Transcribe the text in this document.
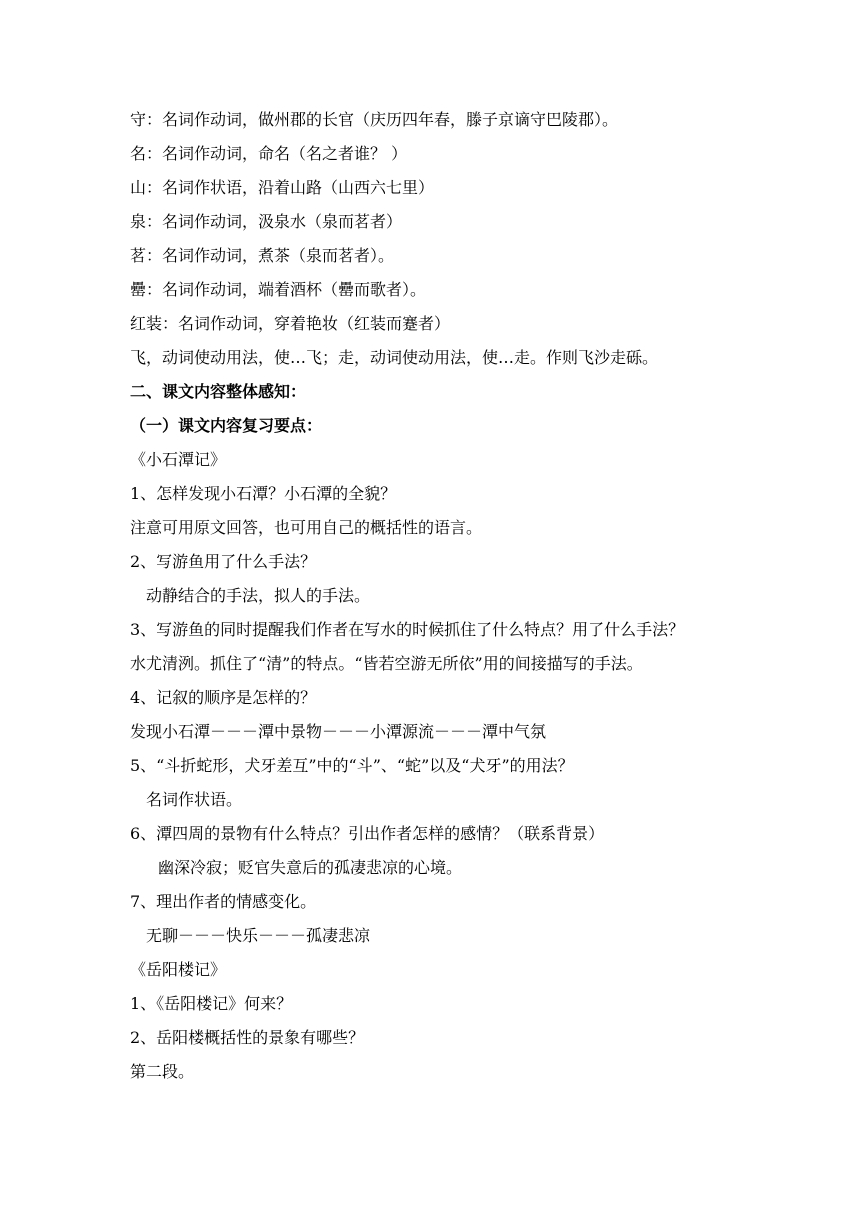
守：名词作动词，做州郡的长官（庆历四年春，滕子京谪守巴陵郡）。
名：名词作动词，命名（名之者谁？ ）
山：名词作状语，沿着山路（山西六七里）
泉：名词作动词，汲泉水（泉而茗者）
茗：名词作动词，煮茶（泉而茗者）。
罍：名词作动词，端着酒杯（罍而歌者）。
红装：名词作动词，穿着艳妆（红装而蹇者）
飞，动词使动用法，使…飞；走，动词使动用法，使…走。作则飞沙走砾。
二、课文内容整体感知：
（一）课文内容复习要点：
《小石潭记》
1、怎样发现小石潭？小石潭的全貌？
注意可用原文回答，也可用自己的概括性的语言。
2、写游鱼用了什么手法？
动静结合的手法，拟人的手法。
3、写游鱼的同时提醒我们作者在写水的时候抓住了什么特点？用了什么手法？
水尤清洌。抓住了“清”的特点。“皆若空游无所依”用的间接描写的手法。
4、记叙的顺序是怎样的？
发现小石潭－－－潭中景物－－－小潭源流－－－潭中气氛
5、“斗折蛇形，犬牙差互”中的“斗”、“蛇”以及“犬牙”的用法？
名词作状语。
6、潭四周的景物有什么特点？引出作者怎样的感情？（联系背景）
幽深冷寂；贬官失意后的孤凄悲凉的心境。
7、理出作者的情感变化。
无聊－－－快乐－－－孤凄悲凉
《岳阳楼记》
1、《岳阳楼记》何来？
2、岳阳楼概括性的景象有哪些？
第二段。
